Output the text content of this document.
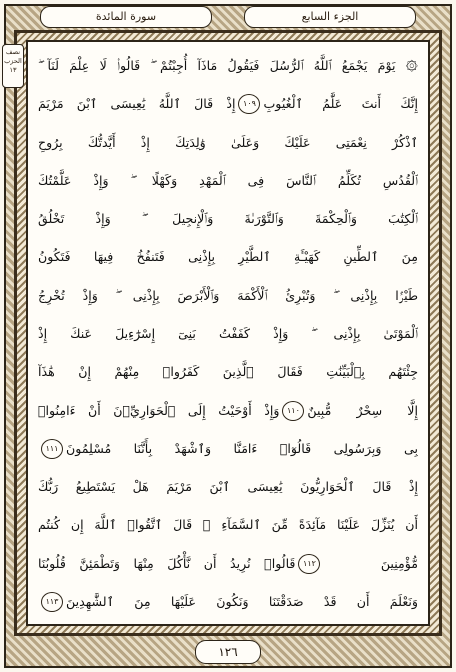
الجزء السابع
سورة المائدة
نصف
الحزب
١٣	۞ يَوْمَ يَجْمَعُ ٱللَّهُ ٱلرُّسُلَ فَيَقُولُ مَاذَآ أُجِبْتُمْ ۖ قَالُوا۟ لَا عِلْمَ لَنَآ ۖ
إِنَّكَ أَنتَ عَلَّٰمُ ٱلْغُيُوبِ
١٠٩
إِذْ قَالَ ٱللَّهُ يَٰعِيسَى ٱبْنَ مَرْيَمَ
ٱذْكُرْ نِعْمَتِى عَلَيْكَ وَعَلَىٰ وَٰلِدَتِكَ إِذْ أَيَّدتُّكَ بِرُوحِ
ٱلْقُدُسِ تُكَلِّمُ ٱلنَّاسَ فِى ٱلْمَهْدِ وَكَهْلًا ۖ وَإِذْ عَلَّمْتُكَ
ٱلْكِتَٰبَ وَٱلْحِكْمَةَ وَٱلتَّوْرَىٰةَ وَٱلْإِنجِيلَ ۖ وَإِذْ تَخْلُقُ
مِنَ ٱلطِّينِ كَهَيْـَٔةِ ٱلطَّيْرِ بِإِذْنِى فَتَنفُخُ فِيهَا فَتَكُونُ
طَيْرًۢا بِإِذْنِى ۖ وَتُبْرِئُ ٱلْأَكْمَهَ وَٱلْأَبْرَصَ بِإِذْنِى ۖ وَإِذْ تُخْرِجُ
ٱلْمَوْتَىٰ بِإِذْنِى ۖ وَإِذْ كَفَفْتُ بَنِىٓ إِسْرَٰٓءِيلَ عَنكَ إِذْ
جِئْتَهُم بِٱلْبَيِّنَٰتِ فَقَالَ ٱلَّذِينَ كَفَرُوا۟ مِنْهُمْ إِنْ هَٰذَآ
إِلَّا سِحْرٌ مُّبِينٌ
١١٠
وَإِذْ أَوْحَيْتُ إِلَى ٱلْحَوَارِيِّۦنَ أَنْ ءَامِنُوا۟
بِى وَبِرَسُولِى قَالُوٓا۟ ءَامَنَّا وَٱشْهَدْ بِأَنَّنَا مُسْلِمُونَ
١١١
إِذْ قَالَ ٱلْحَوَارِيُّونَ يَٰعِيسَى ٱبْنَ مَرْيَمَ هَلْ يَسْتَطِيعُ رَبُّكَ
أَن يُنَزِّلَ عَلَيْنَا مَآئِدَةً مِّنَ ٱلسَّمَآءِ ۖ قَالَ ٱتَّقُوا۟ ٱللَّهَ إِن كُنتُم
مُّؤْمِنِينَ
١١٢
قَالُوا۟ نُرِيدُ أَن نَّأْكُلَ مِنْهَا وَتَطْمَئِنَّ قُلُوبُنَا
وَنَعْلَمَ أَن قَدْ صَدَقْتَنَا وَنَكُونَ عَلَيْهَا مِنَ ٱلشَّٰهِدِينَ
١١٣
١٢٦
